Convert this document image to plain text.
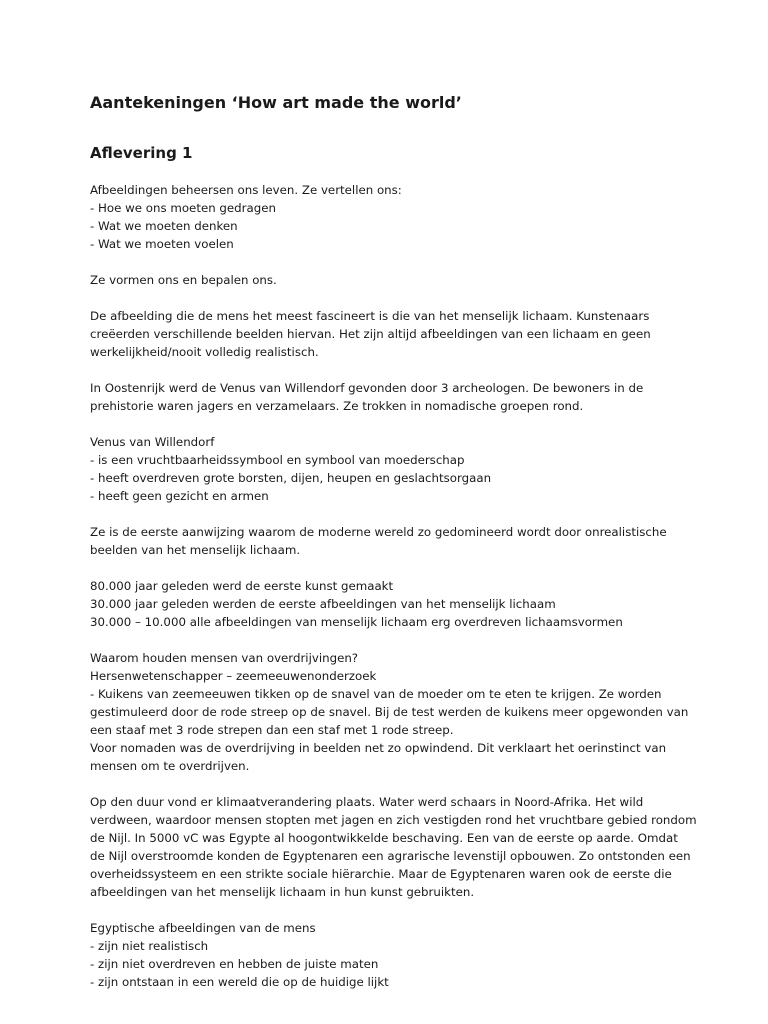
Aantekeningen ‘How art made the world’
Aflevering 1

Afbeeldingen beheersen ons leven. Ze vertellen ons:
- Hoe we ons moeten gedragen
- Wat we moeten denken
- Wat we moeten voelen

Ze vormen ons en bepalen ons.

De afbeelding die de mens het meest fascineert is die van het menselijk lichaam. Kunstenaars
creëerden verschillende beelden hiervan. Het zijn altijd afbeeldingen van een lichaam en geen
werkelijkheid/nooit volledig realistisch.

In Oostenrijk werd de Venus van Willendorf gevonden door 3 archeologen. De bewoners in de
prehistorie waren jagers en verzamelaars. Ze trokken in nomadische groepen rond.

Venus van Willendorf
- is een vruchtbaarheidssymbool en symbool van moederschap
- heeft overdreven grote borsten, dijen, heupen en geslachtsorgaan
- heeft geen gezicht en armen

Ze is de eerste aanwijzing waarom de moderne wereld zo gedomineerd wordt door onrealistische
beelden van het menselijk lichaam.

80.000 jaar geleden werd de eerste kunst gemaakt
30.000 jaar geleden werden de eerste afbeeldingen van het menselijk lichaam
30.000 – 10.000 alle afbeeldingen van menselijk lichaam erg overdreven lichaamsvormen

Waarom houden mensen van overdrijvingen?
Hersenwetenschapper – zeemeeuwenonderzoek
- Kuikens van zeemeeuwen tikken op de snavel van de moeder om te eten te krijgen. Ze worden
gestimuleerd door de rode streep op de snavel. Bij de test werden de kuikens meer opgewonden van
een staaf met 3 rode strepen dan een staf met 1 rode streep.
Voor nomaden was de overdrijving in beelden net zo opwindend. Dit verklaart het oerinstinct van
mensen om te overdrijven.

Op den duur vond er klimaatverandering plaats. Water werd schaars in Noord-Afrika. Het wild
verdween, waardoor mensen stopten met jagen en zich vestigden rond het vruchtbare gebied rondom
de Nijl. In 5000 vC was Egypte al hoogontwikkelde beschaving. Een van de eerste op aarde. Omdat
de Nijl overstroomde konden de Egyptenaren een agrarische levenstijl opbouwen. Zo ontstonden een
overheidssysteem en een strikte sociale hiërarchie. Maar de Egyptenaren waren ook de eerste die
afbeeldingen van het menselijk lichaam in hun kunst gebruikten.

Egyptische afbeeldingen van de mens
- zijn niet realistisch
- zijn niet overdreven en hebben de juiste maten
- zijn ontstaan in een wereld die op de huidige lijkt
